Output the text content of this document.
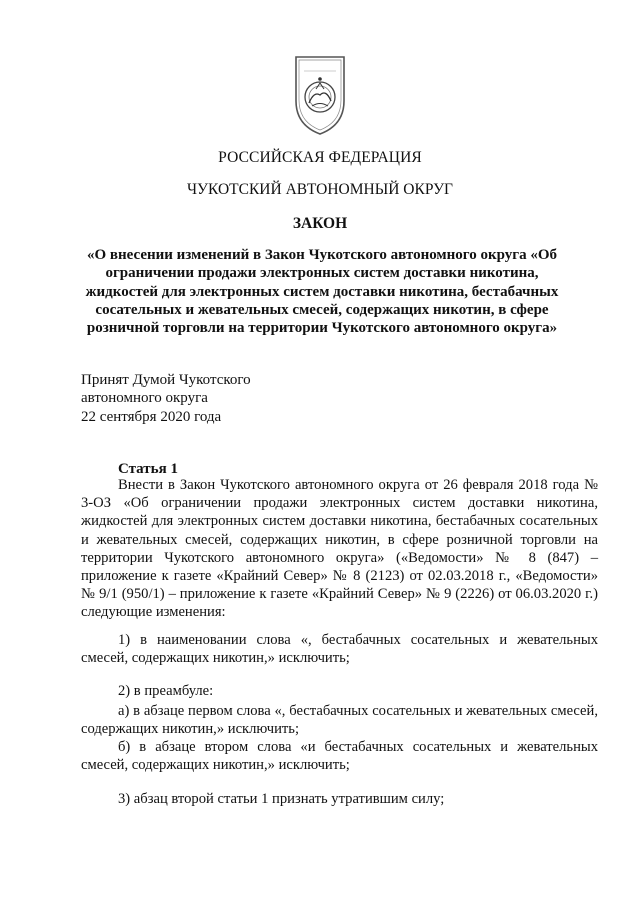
РОССИЙСКАЯ ФЕДЕРАЦИЯ
ЧУКОТСКИЙ АВТОНОМНЫЙ ОКРУГ
ЗАКОН
«О внесении изменений в Закон Чукотского автономного округа «Об ограничении продажи электронных систем доставки никотина, жидкостей для электронных систем доставки никотина, бестабачных сосательных и жевательных смесей, содержащих никотин, в сфере розничной торговли на территории Чукотского автономного округа»
Принят Думой Чукотского
автономного округа
22 сентября 2020 года
Статья 1
Внести в Закон Чукотского автономного округа от 26 февраля 2018 года № 3-ОЗ «Об ограничении продажи электронных систем доставки никотина, жидкостей для электронных систем доставки никотина, бестабачных сосательных и жевательных смесей, содержащих никотин, в сфере розничной торговли на территории Чукотского автономного округа» («Ведомости» № 8 (847) – приложение к газете «Крайний Север» № 8 (2123) от 02.03.2018 г., «Ведомости» № 9/1 (950/1) – приложение к газете «Крайний Север» № 9 (2226) от 06.03.2020 г.) следующие изменения:
1) в наименовании слова «, бестабачных сосательных и жевательных смесей, содержащих никотин,» исключить;
2) в преамбуле:
а) в абзаце первом слова «, бестабачных сосательных и жевательных смесей, содержащих никотин,» исключить;
б) в абзаце втором слова «и бестабачных сосательных и жевательных смесей, содержащих никотин,» исключить;
3) абзац второй статьи 1 признать утратившим силу;
